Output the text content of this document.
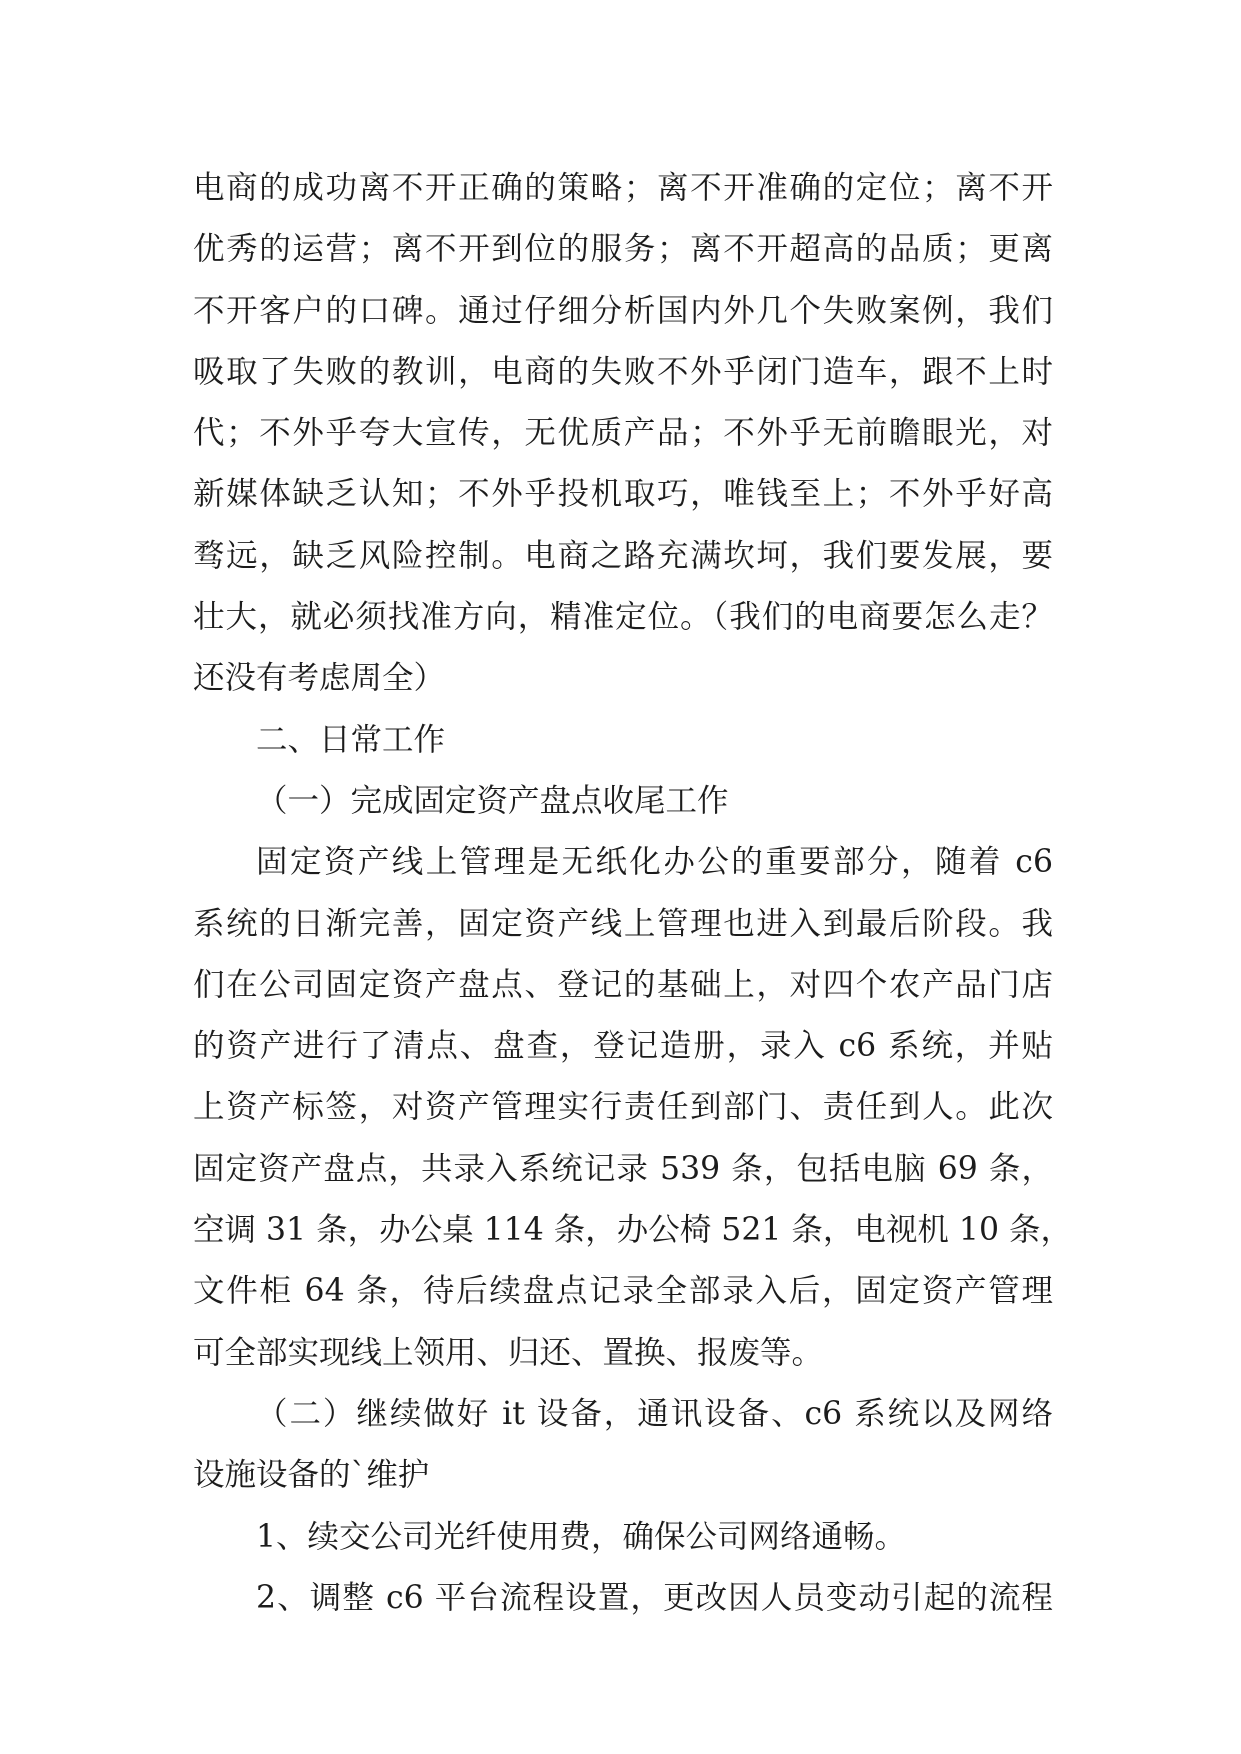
电商的成功离不开正确的策略；离不开准确的定位；离不开
优秀的运营；离不开到位的服务；离不开超高的品质；更离
不开客户的口碑。通过仔细分析国内外几个失败案例，我们
吸取了失败的教训，电商的失败不外乎闭门造车，跟不上时
代；不外乎夸大宣传，无优质产品；不外乎无前瞻眼光，对
新媒体缺乏认知；不外乎投机取巧，唯钱至上；不外乎好高
骛远，缺乏风险控制。电商之路充满坎坷，我们要发展，要
壮大，就必须找准方向，精准定位。（我们的电商要怎么走？
还没有考虑周全）
二、日常工作
（一）完成固定资产盘点收尾工作
固定资产线上管理是无纸化办公的重要部分，随着 c6
系统的日渐完善，固定资产线上管理也进入到最后阶段。我
们在公司固定资产盘点、登记的基础上，对四个农产品门店
的资产进行了清点、盘查，登记造册，录入 c6 系统，并贴
上资产标签，对资产管理实行责任到部门、责任到人。此次
固定资产盘点，共录入系统记录 539 条，包括电脑 69 条，
空调 31 条，办公桌 114 条，办公椅 521 条，电视机 10 条，
文件柜 64 条，待后续盘点记录全部录入后，固定资产管理
可全部实现线上领用、归还、置换、报废等。
（二）继续做好 it 设备，通讯设备、c6 系统以及网络
设施设备的`维护
1、续交公司光纤使用费，确保公司网络通畅。
2、调整 c6 平台流程设置，更改因人员变动引起的流程
